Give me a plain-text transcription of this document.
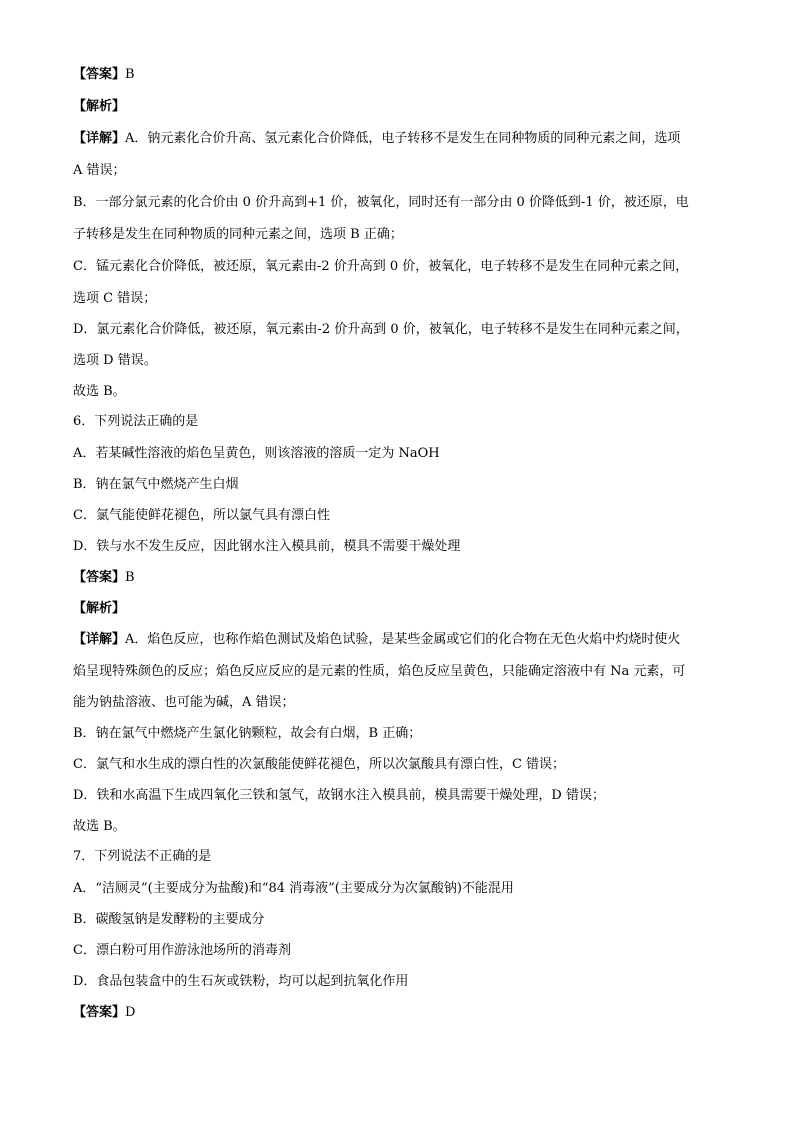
【答案】B
【解析】
【详解】A．钠元素化合价升高、氢元素化合价降低，电子转移不是发生在同种物质的同种元素之间，选项
A 错误；
B．一部分氯元素的化合价由 0 价升高到+1 价，被氧化，同时还有一部分由 0 价降低到-1 价，被还原，电
子转移是发生在同种物质的同种元素之间，选项 B 正确；
C．锰元素化合价降低，被还原，氧元素由-2 价升高到 0 价，被氧化，电子转移不是发生在同种元素之间，
选项 C 错误；
D．氯元素化合价降低，被还原，氧元素由-2 价升高到 0 价，被氧化，电子转移不是发生在同种元素之间，
选项 D 错误。
故选 B。
6．下列说法正确的是
A．若某碱性溶液的焰色呈黄色，则该溶液的溶质一定为 NaOH
B．钠在氯气中燃烧产生白烟
C．氯气能使鲜花褪色，所以氯气具有漂白性
D．铁与水不发生反应，因此钢水注入模具前，模具不需要干燥处理
【答案】B
【解析】
【详解】A．焰色反应，也称作焰色测试及焰色试验，是某些金属或它们的化合物在无色火焰中灼烧时使火
焰呈现特殊颜色的反应；焰色反应反应的是元素的性质，焰色反应呈黄色，只能确定溶液中有 Na 元素，可
能为钠盐溶液、也可能为碱，A 错误；
B．钠在氯气中燃烧产生氯化钠颗粒，故会有白烟，B 正确；
C．氯气和水生成的漂白性的次氯酸能使鲜花褪色，所以次氯酸具有漂白性，C 错误；
D．铁和水高温下生成四氧化三铁和氢气，故钢水注入模具前，模具需要干燥处理，D 错误；
故选 B。
7．下列说法不正确的是
A．“洁厕灵”(主要成分为盐酸)和“84 消毒液”(主要成分为次氯酸钠)不能混用
B．碳酸氢钠是发酵粉的主要成分
C．漂白粉可用作游泳池场所的消毒剂
D．食品包装盒中的生石灰或铁粉，均可以起到抗氧化作用
【答案】D
